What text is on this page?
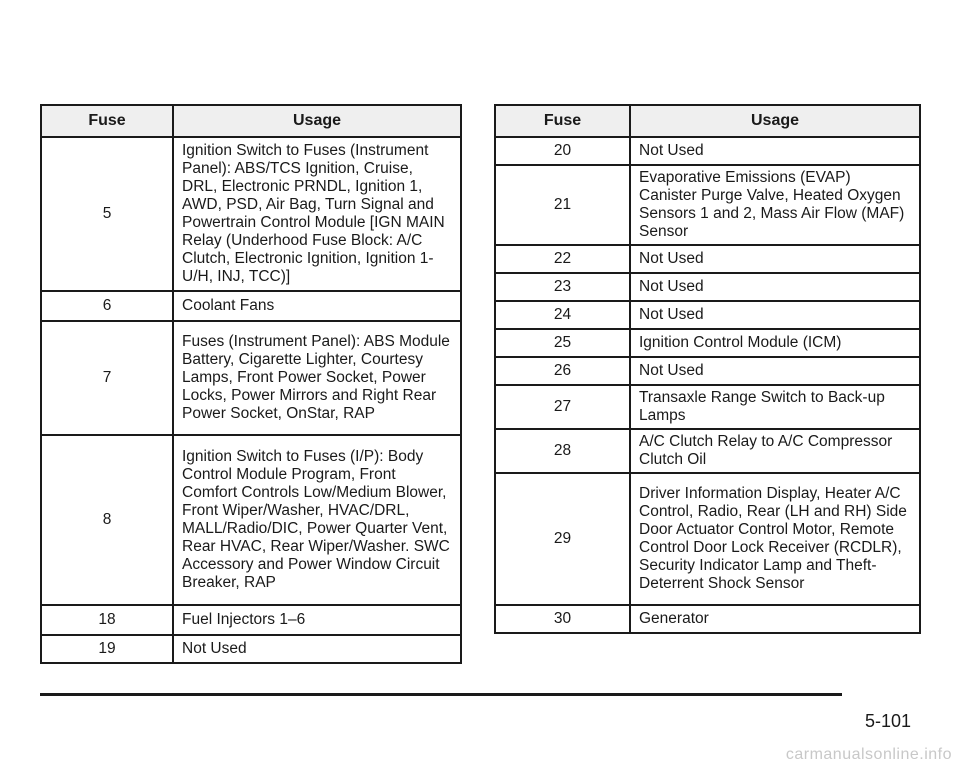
Fuse	Usage
5	Ignition Switch to Fuses (Instrument Panel): ABS/TCS Ignition, Cruise, DRL, Electronic PRNDL, Ignition 1, AWD, PSD, Air Bag, Turn Signal and Powertrain Control Module [IGN MAIN Relay (Underhood Fuse Block: A/C Clutch, Electronic Ignition, Ignition 1-U/H, INJ, TCC)]
6	Coolant Fans
7	Fuses (Instrument Panel): ABS Module Battery, Cigarette Lighter, Courtesy Lamps, Front Power Socket, Power Locks, Power Mirrors and Right Rear Power Socket, OnStar, RAP
8	Ignition Switch to Fuses (I/P): Body Control Module Program, Front Comfort Controls Low/Medium Blower, Front Wiper/Washer, HVAC/DRL, MALL/Radio/DIC, Power Quarter Vent, Rear HVAC, Rear Wiper/Washer. SWC Accessory and Power Window Circuit Breaker, RAP
18	Fuel Injectors 1–6
19	Not Used
Fuse	Usage
20	Not Used
21	Evaporative Emissions (EVAP) Canister Purge Valve, Heated Oxygen Sensors 1 and 2, Mass Air Flow (MAF) Sensor
22	Not Used
23	Not Used
24	Not Used
25	Ignition Control Module (ICM)
26	Not Used
27	Transaxle Range Switch to Back-up Lamps
28	A/C Clutch Relay to A/C Compressor Clutch Oil
29	Driver Information Display, Heater A/C Control, Radio, Rear (LH and RH) Side Door Actuator Control Motor, Remote Control Door Lock Receiver (RCDLR), Security Indicator Lamp and Theft-Deterrent Shock Sensor
30	Generator
5-101
carmanualsonline.info
